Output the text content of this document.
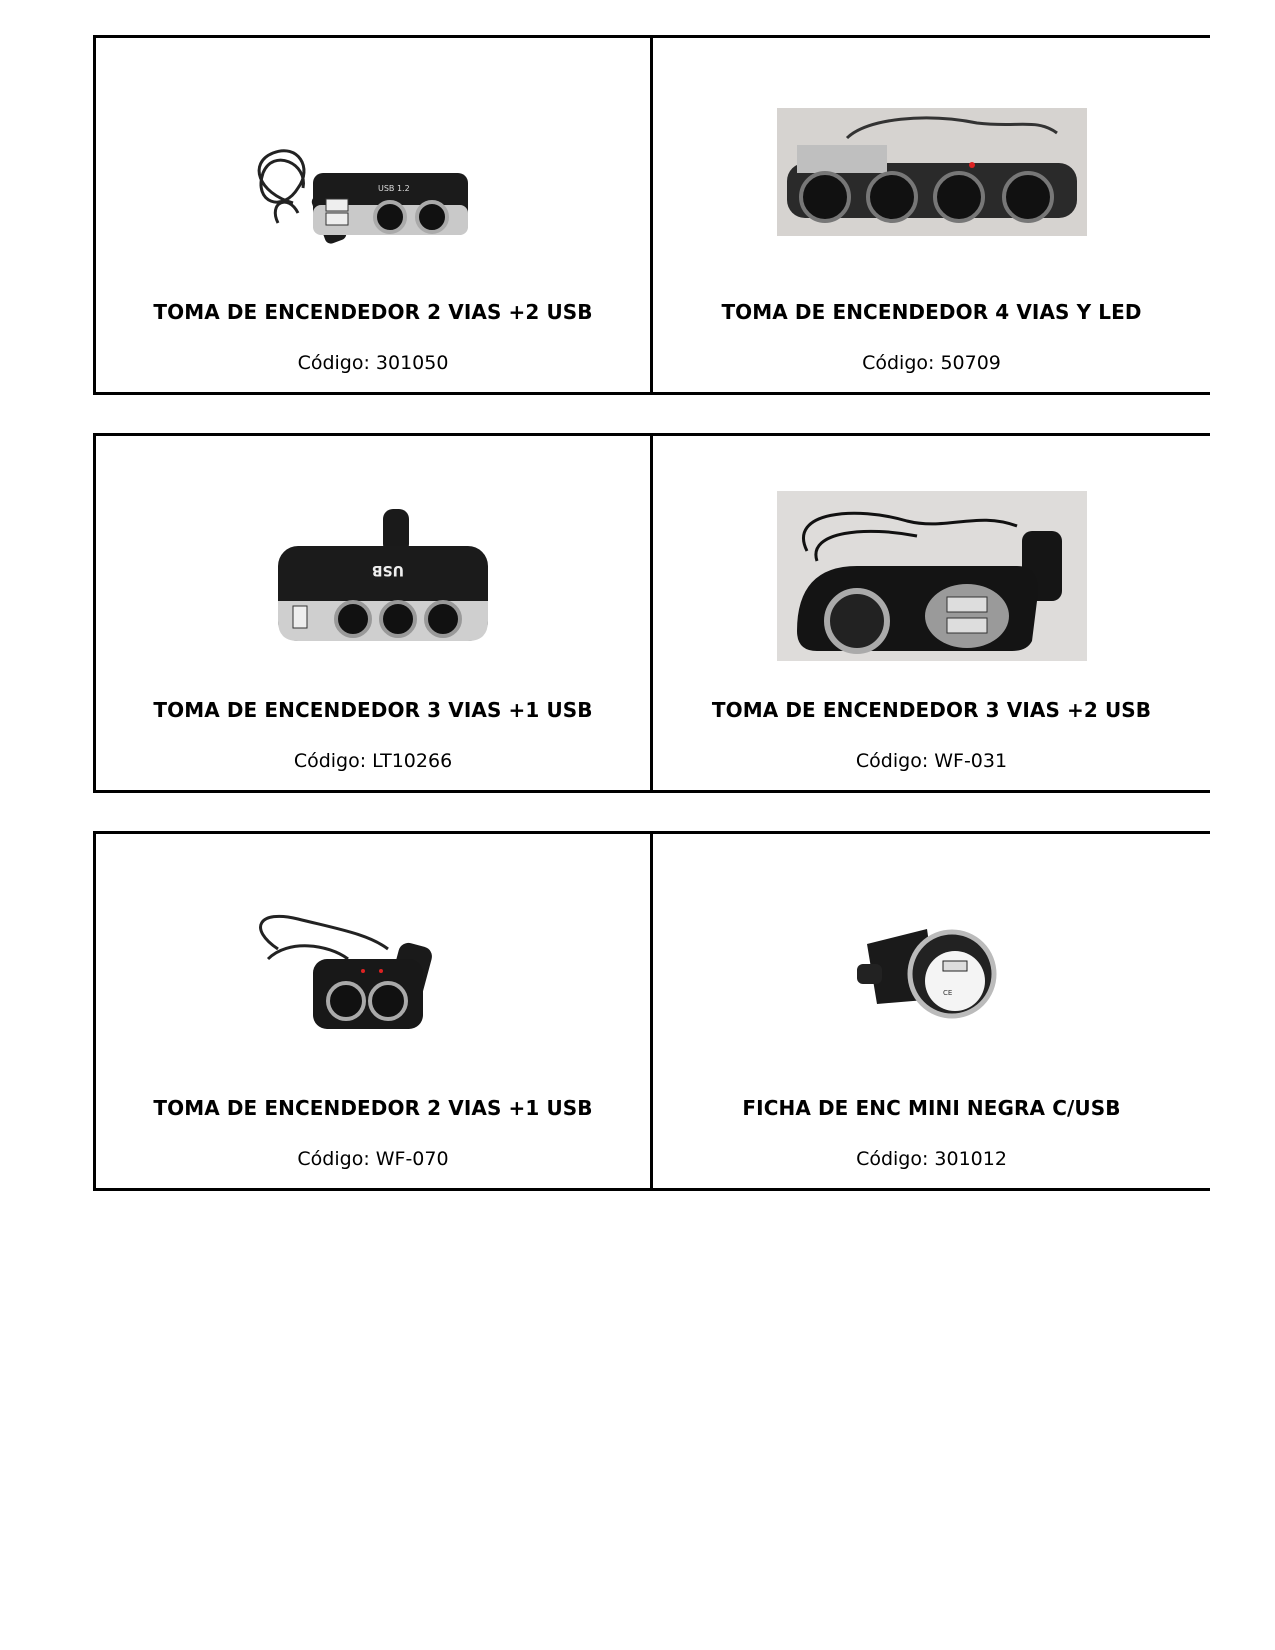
USB 1.2
TOMA DE ENCENDEDOR 2 VIAS +2 USB
Código: 301050
TOMA DE ENCENDEDOR 4 VIAS Y LED
Código: 50709
USB
TOMA DE ENCENDEDOR 3 VIAS +1 USB
Código: LT10266
TOMA DE ENCENDEDOR 3 VIAS +2 USB
Código: WF-031
TOMA DE ENCENDEDOR 2 VIAS +1 USB
Código: WF-070
CE
FICHA DE ENC MINI NEGRA C/USB
Código: 301012
